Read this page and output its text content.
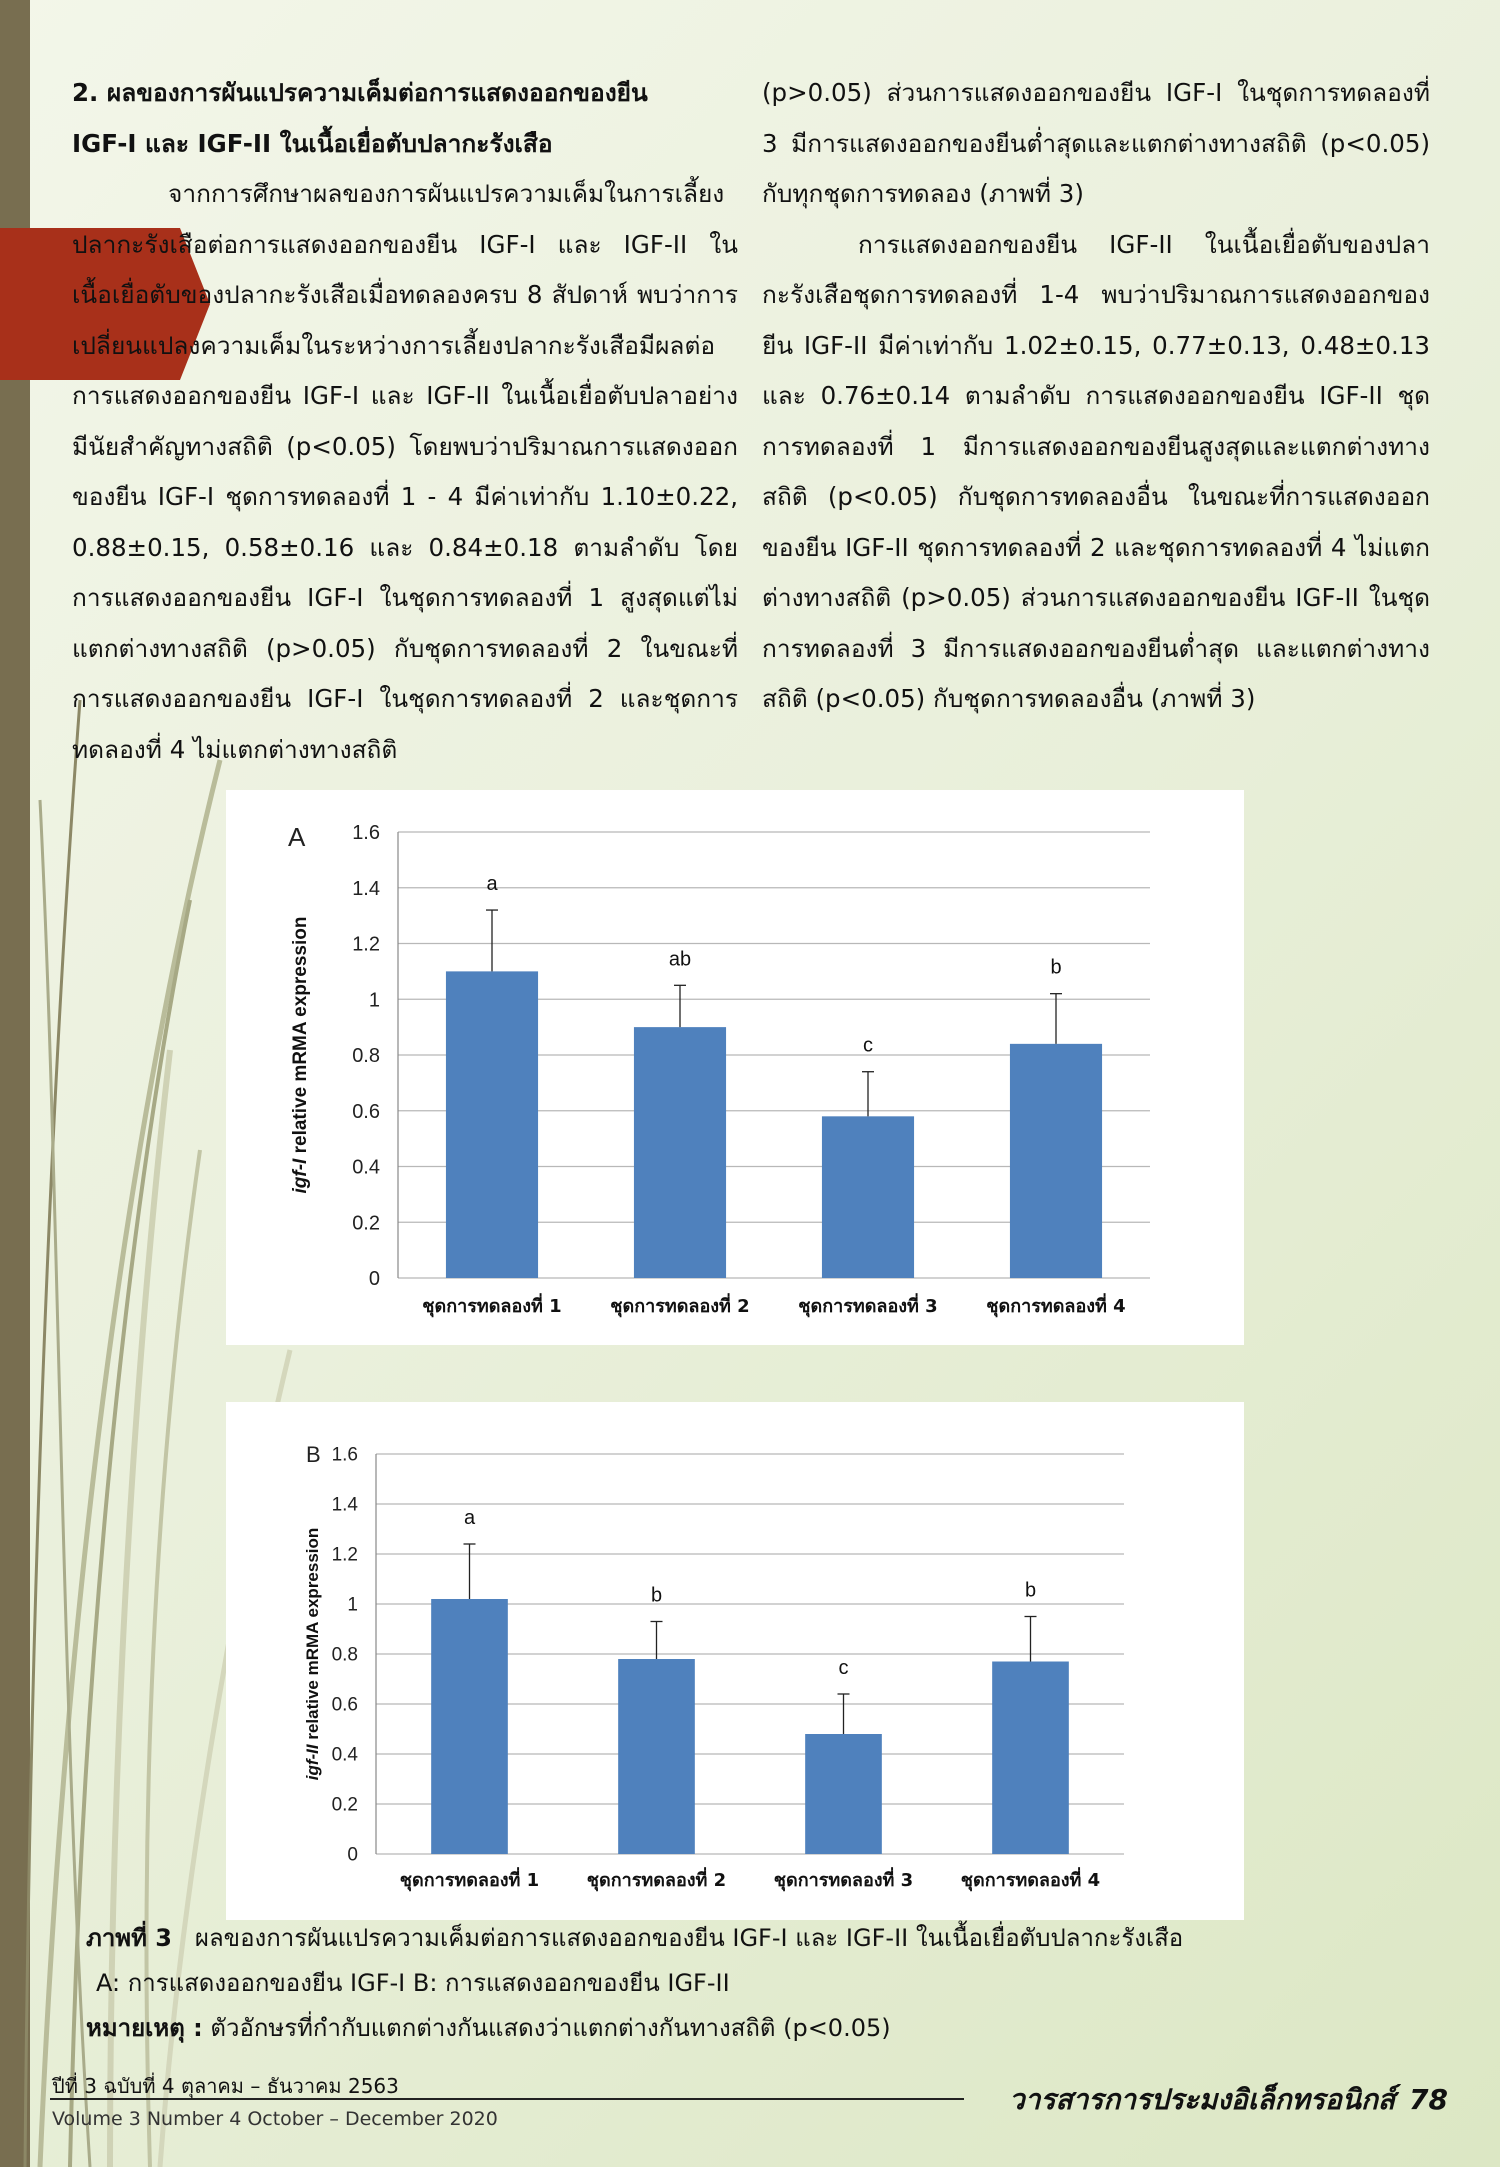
2. ผลของการผันแปรความเค็มต่อการแสดงออกของยีน
IGF-I และ IGF-II ในเนื้อเยื่อตับปลากะรังเสือ

จากการศึกษาผลของการผันแปรความเค็มในการเลี้ยงปลากะรังเสือต่อการแสดงออกของยีน IGF-I และ IGF-II ในเนื้อเยื่อตับของปลากะรังเสือเมื่อทดลองครบ 8 สัปดาห์ พบว่าการเปลี่ยนแปลงความเค็มในระหว่างการเลี้ยงปลากะรังเสือมีผลต่อการแสดงออกของยีน IGF-I และ IGF-II ในเนื้อเยื่อตับปลาอย่างมีนัยสำคัญทางสถิติ (p<0.05) โดยพบว่าปริมาณการแสดงออกของยีน IGF-I ชุดการทดลองที่ 1 - 4 มีค่าเท่ากับ 1.10±0.22, 0.88±0.15, 0.58±0.16 และ 0.84±0.18 ตามลำดับ โดยการแสดงออกของยีน IGF-I ในชุดการทดลองที่ 1 สูงสุดแต่ไม่แตกต่างทางสถิติ (p>0.05) กับชุดการทดลองที่ 2 ในขณะที่การแสดงออกของยีน IGF-I ในชุดการทดลองที่ 2 และชุดการทดลองที่ 4 ไม่แตกต่างทางสถิติ

(p>0.05) ส่วนการแสดงออกของยีน IGF-I ในชุดการทดลองที่ 3 มีการแสดงออกของยีนต่ำสุดและแตกต่างทางสถิติ (p<0.05) กับทุกชุดการทดลอง (ภาพที่ 3)

การแสดงออกของยีน IGF-II ในเนื้อเยื่อตับของปลากะรังเสือชุดการทดลองที่ 1-4 พบว่าปริมาณการแสดงออกของยีน IGF-II มีค่าเท่ากับ 1.02±0.15, 0.77±0.13, 0.48±0.13 และ 0.76±0.14 ตามลำดับ การแสดงออกของยีน IGF-II ชุดการทดลองที่ 1 มีการแสดงออกของยีนสูงสุดและแตกต่างทางสถิติ (p<0.05) กับชุดการทดลองอื่น ในขณะที่การแสดงออกของยีน IGF-II ชุดการทดลองที่ 2 และชุดการทดลองที่ 4 ไม่แตกต่างทางสถิติ (p>0.05) ส่วนการแสดงออกของยีน IGF-II ในชุดการทดลองที่ 3 มีการแสดงออกของยีนต่ำสุด และแตกต่างทางสถิติ (p<0.05) กับชุดการทดลองอื่น (ภาพที่ 3)

A
0
0.2
0.4
0.6
0.8
1
1.2
1.4
1.6
igf-I relative mRMA expression
a
ชุดการทดลองที่ 1
ab
ชุดการทดลองที่ 2
c
ชุดการทดลองที่ 3
b
ชุดการทดลองที่ 4
B
0
0.2
0.4
0.6
0.8
1
1.2
1.4
1.6
igf-II relative mRMA expression
a
ชุดการทดลองที่ 1
b
ชุดการทดลองที่ 2
c
ชุดการทดลองที่ 3
b
ชุดการทดลองที่ 4

ภาพที่ 3 ผลของการผันแปรความเค็มต่อการแสดงออกของยีน IGF-I และ IGF-II ในเนื้อเยื่อตับปลากะรังเสือ

A: การแสดงออกของยีน IGF-I B: การแสดงออกของยีน IGF-II

หมายเหตุ : ตัวอักษรที่กำกับแตกต่างกันแสดงว่าแตกต่างกันทางสถิติ (p<0.05)

ปีที่ 3 ฉบับที่ 4 ตุลาคม – ธันวาคม 2563
Volume 3 Number 4 October – December 2020
วารสารการประมงอิเล็กทรอนิกส์ 78
